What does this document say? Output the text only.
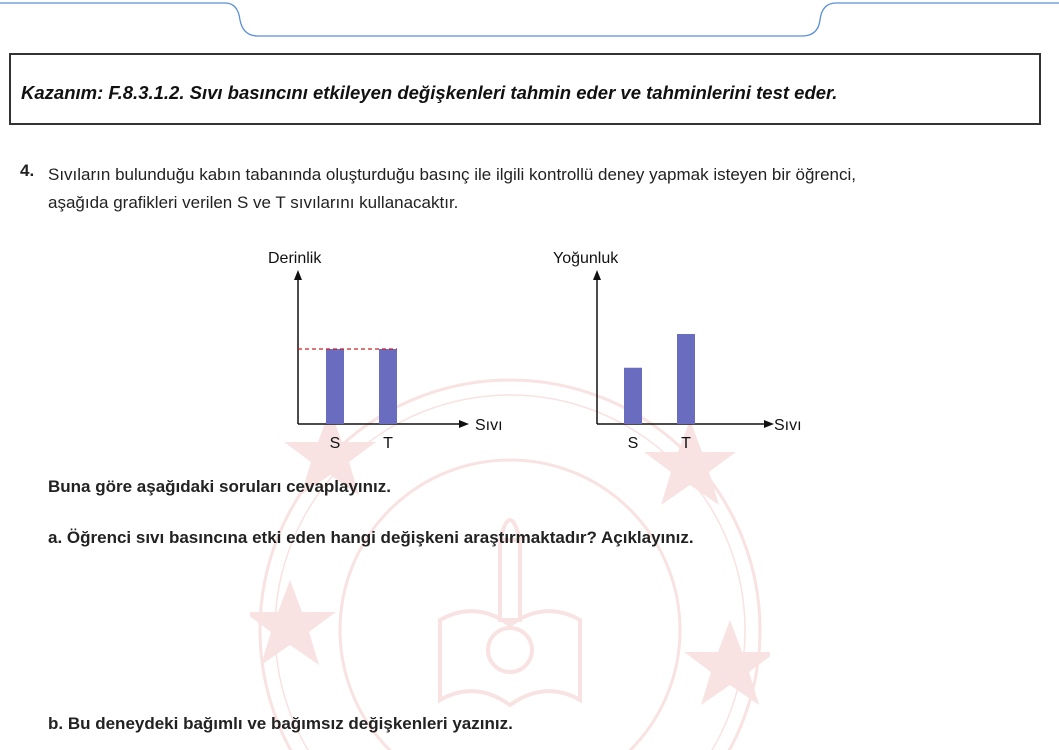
Kazanım: F.8.3.1.2. Sıvı basıncını etkileyen değişkenleri tahmin eder ve tahminlerini test eder.
4. Sıvıların bulunduğu kabın tabanında oluşturduğu basınç ile ilgili kontrollü deney yapmak isteyen bir öğrenci,
aşağıda grafikleri verilen S ve T sıvılarını kullanacaktır.
Derinlik
Sıvı
S	T
Yoğunluk
Sıvı
S	T
Buna göre aşağıdaki soruları cevaplayınız.
a. Öğrenci sıvı basıncına etki eden hangi değişkeni araştırmaktadır? Açıklayınız.
b. Bu deneydeki bağımlı ve bağımsız değişkenleri yazınız.
